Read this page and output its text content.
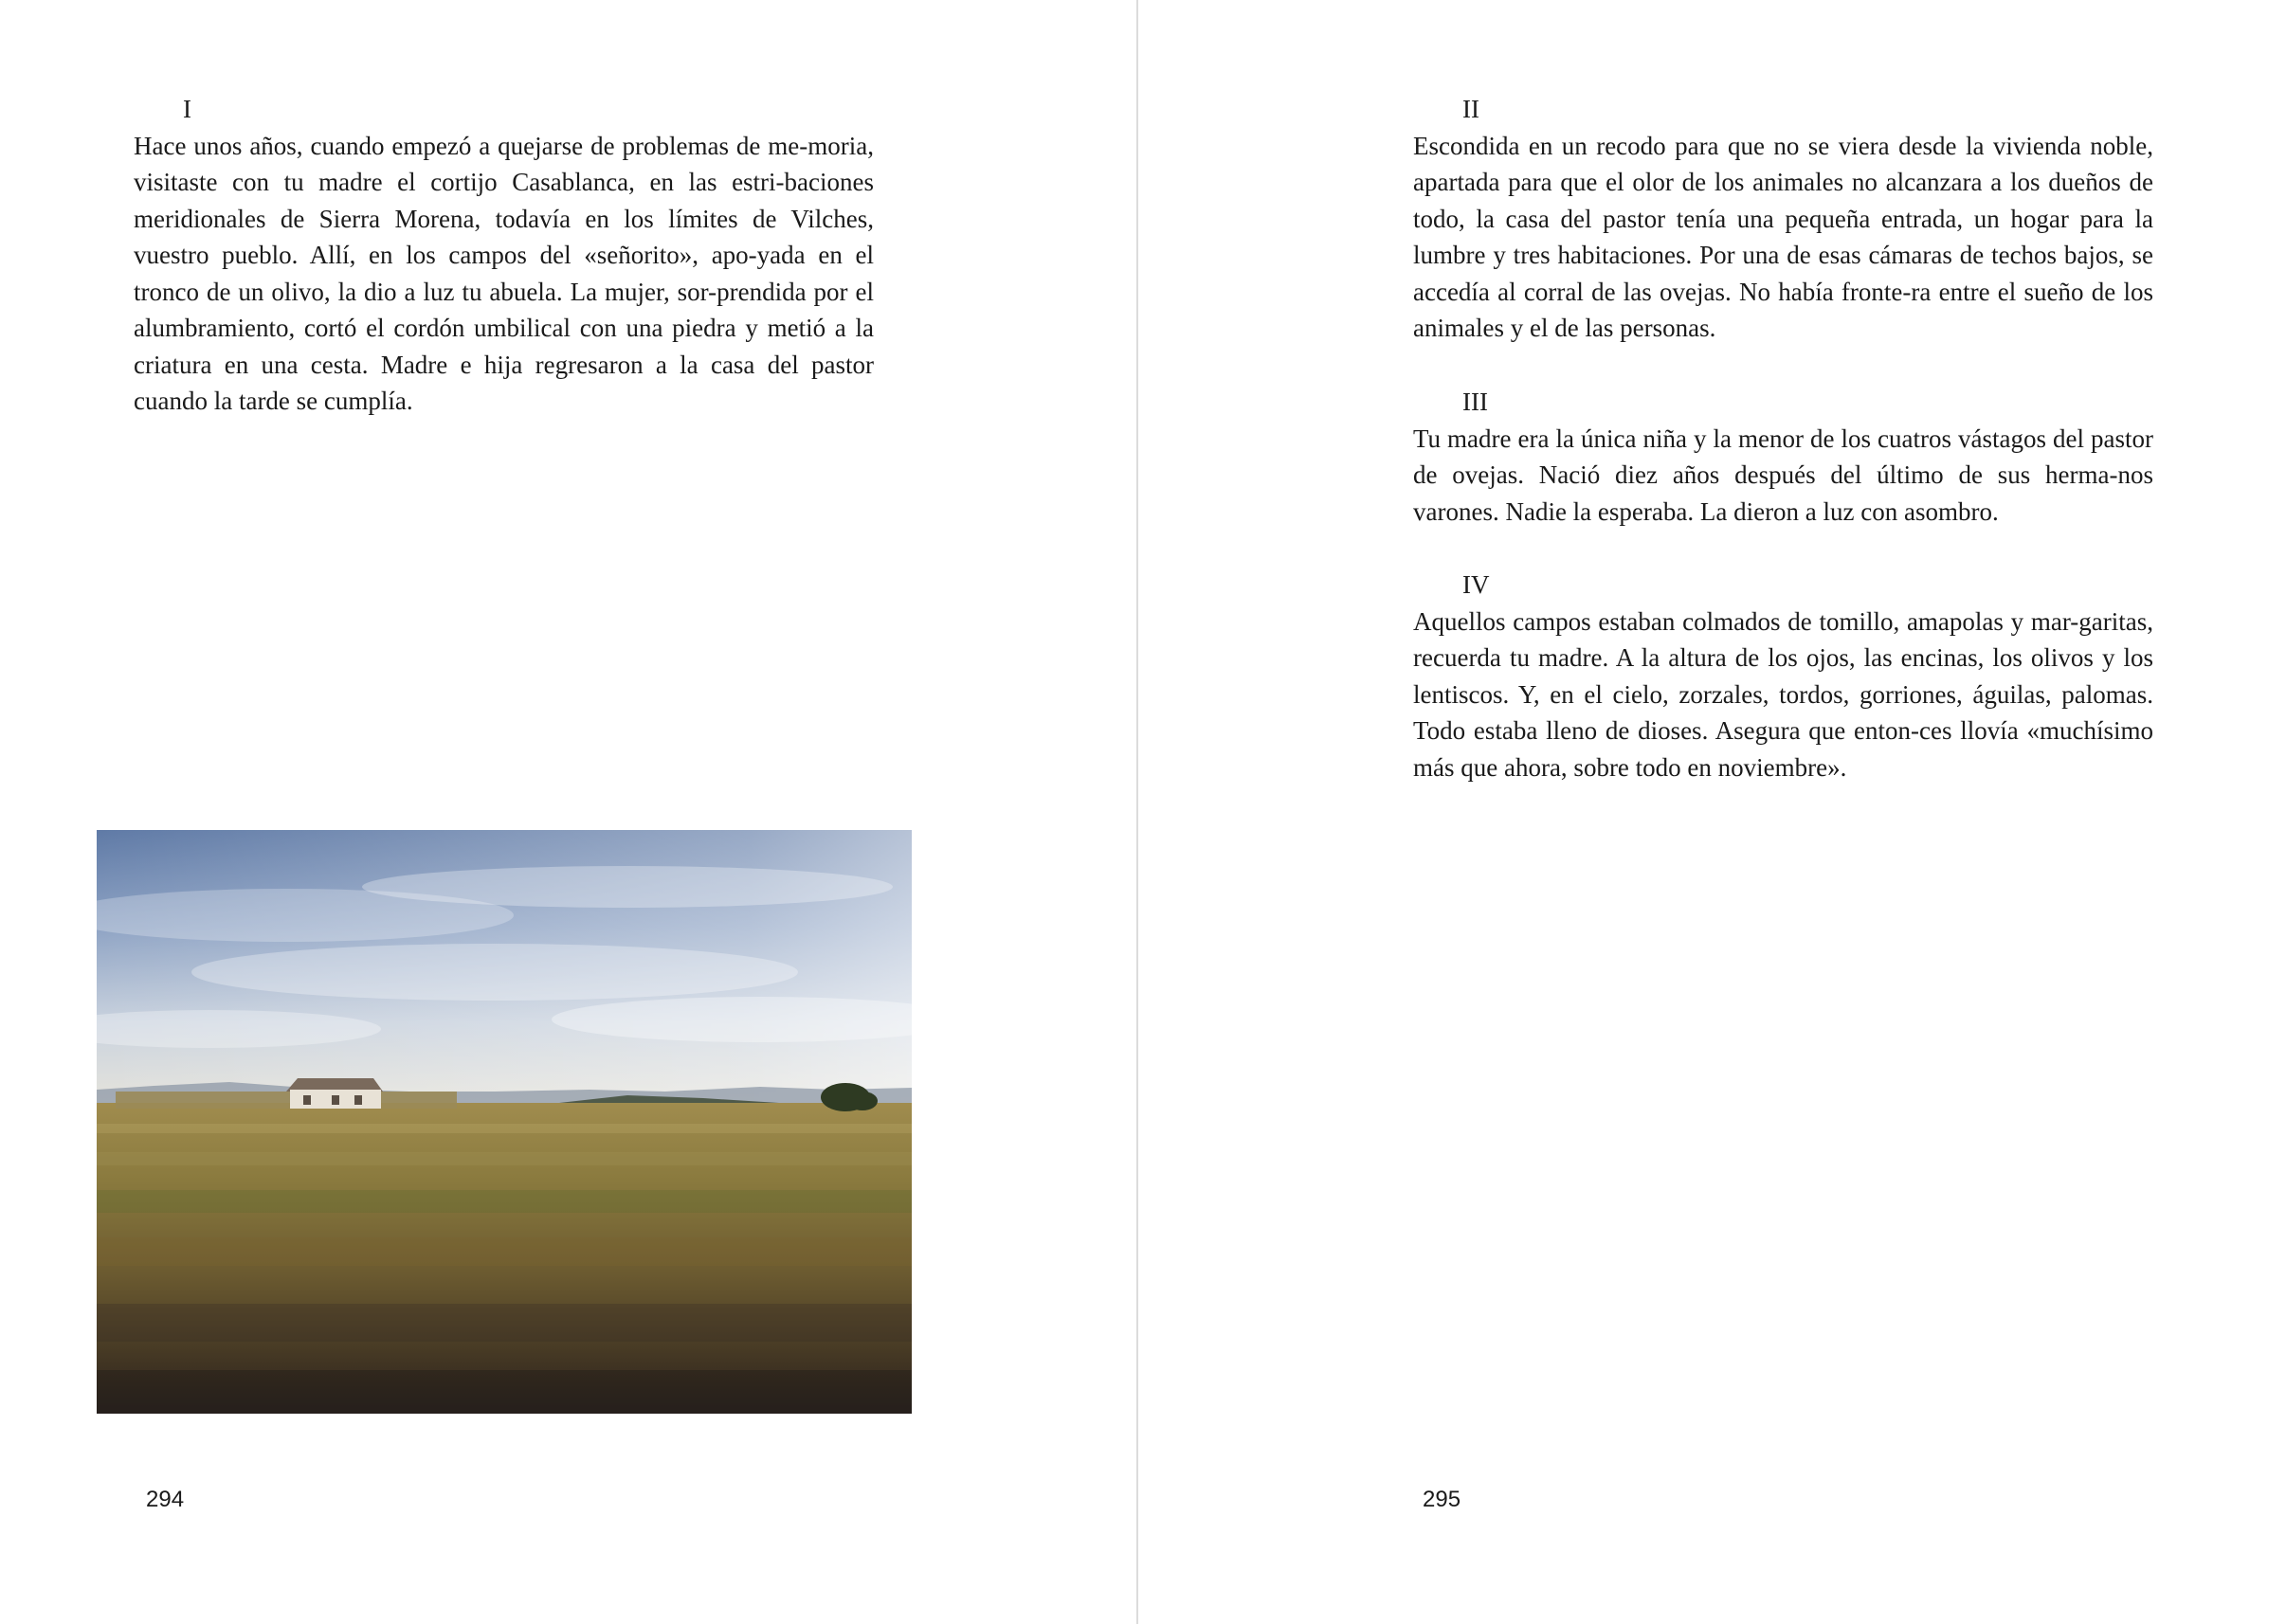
I

Hace unos años, cuando empezó a quejarse de problemas de me-moria, visitaste con tu madre el cortijo Casablanca, en las estri-baciones meridionales de Sierra Morena, todavía en los límites de Vilches, vuestro pueblo. Allí, en los campos del «señorito», apo-yada en el tronco de un olivo, la dio a luz tu abuela. La mujer, sor-prendida por el alumbramiento, cortó el cordón umbilical con una piedra y metió a la criatura en una cesta. Madre e hija regresaron a la casa del pastor cuando la tarde se cumplía.

294
II

Escondida en un recodo para que no se viera desde la vivienda noble, apartada para que el olor de los animales no alcanzara a los dueños de todo, la casa del pastor tenía una pequeña entrada, un hogar para la lumbre y tres habitaciones. Por una de esas cámaras de techos bajos, se accedía al corral de las ovejas. No había fronte-ra entre el sueño de los animales y el de las personas.

III

Tu madre era la única niña y la menor de los cuatros vástagos del pastor de ovejas. Nació diez años después del último de sus herma-nos varones. Nadie la esperaba. La dieron a luz con asombro.

IV

Aquellos campos estaban colmados de tomillo, amapolas y mar-garitas, recuerda tu madre. A la altura de los ojos, las encinas, los olivos y los lentiscos. Y, en el cielo, zorzales, tordos, gorriones, águilas, palomas. Todo estaba lleno de dioses. Asegura que enton-ces llovía «muchísimo más que ahora, sobre todo en noviembre».

295
